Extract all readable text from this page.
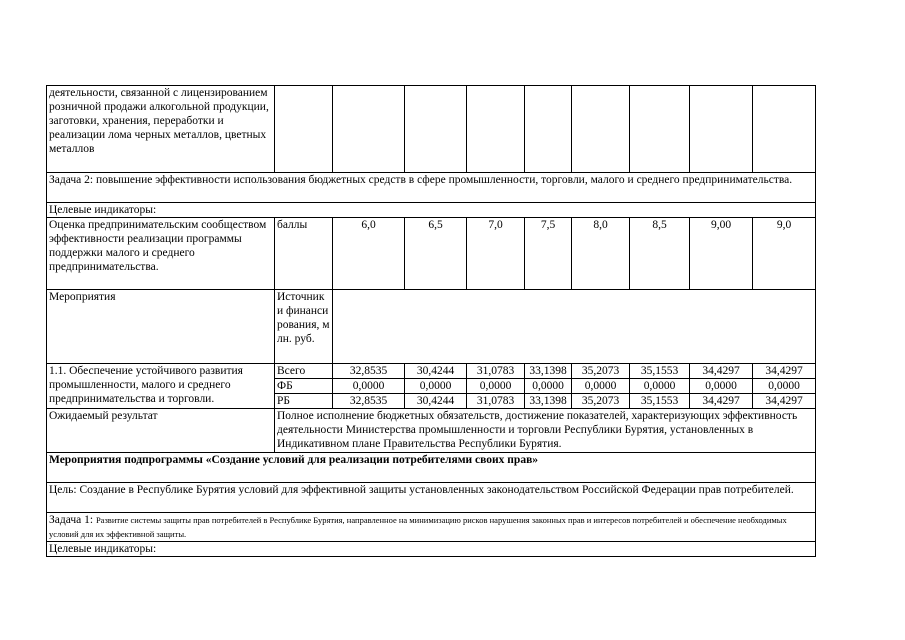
деятельности, связанной с лицензированием розничной продажи алкогольной продукции, заготовки, хранения, переработки и реализации лома черных металлов, цветных металлов									
Задача 2: повышение эффективности использования бюджетных средств в сфере промышленности, торговли, малого и среднего предпринимательства.									
Целевые индикаторы:									
Оценка предпринимательским сообществом эффективности реализации программы поддержки малого и среднего предпринимательства.	баллы	6,0	6,5	7,0	7,5	8,0	8,5	9,00	9,0
Мероприятия	Источники финансирования, млн. руб.								
1.1. Обеспечение устойчивого развития промышленности, малого и среднего предпринимательства и торговли.	Всего	32,8535	30,4244	31,0783	33,1398	35,2073	35,1553	34,4297	34,4297
	ФБ	0,0000	0,0000	0,0000	0,0000	0,0000	0,0000	0,0000	0,0000
	РБ	32,8535	30,4244	31,0783	33,1398	35,2073	35,1553	34,4297	34,4297
Ожидаемый результат	Полное исполнение бюджетных обязательств, достижение показателей, характеризующих эффективность деятельности Министерства промышленности и торговли Республики Бурятия, установленных в Индикативном плане Правительства Республики Бурятия.								
Мероприятия подпрограммы «Создание условий для реализации потребителями своих прав»									
Цель: Создание в Республике Бурятия условий для эффективной защиты установленных законодательством Российской Федерации прав потребителей.									
Задача 1: Развитие системы защиты прав потребителей в Республике Бурятия, направленное на минимизацию рисков нарушения законных прав и интересов потребителей и обеспечение необходимых условий для их эффективной защиты.									
Целевые индикаторы:									
